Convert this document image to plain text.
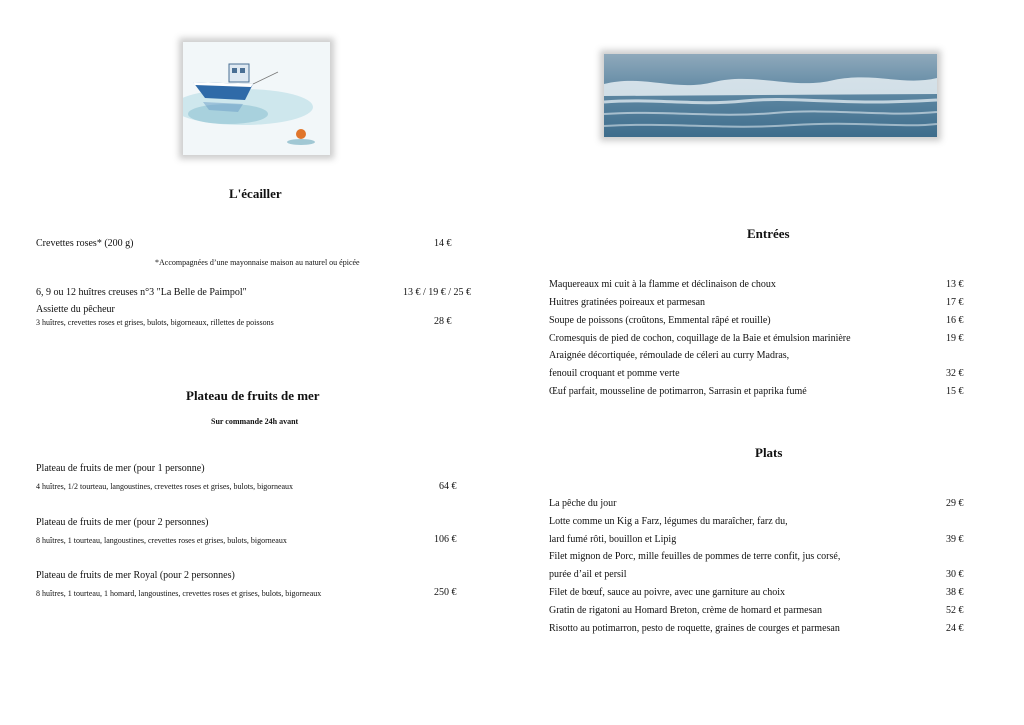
L'écailler
Crevettes roses* (200 g)	14 €
*Accompagnées d’une mayonnaise maison au naturel ou épicée
6, 9 ou 12 huîtres creuses n°3 "La Belle de Paimpol"	13 € / 19 € / 25 €
Assiette du pêcheur
3 huîtres, crevettes roses et grises, bulots, bigorneaux, rillettes de poissons	28 €
Plateau de fruits de mer
Sur commande 24h avant
Plateau de fruits de mer (pour 1 personne)
4 huîtres, 1/2 tourteau, langoustines, crevettes roses et grises, bulots, bigorneaux	64 €
Plateau de fruits de mer (pour 2 personnes)
8 huîtres, 1 tourteau, langoustines, crevettes roses et grises, bulots, bigorneaux	106 €
Plateau de fruits de mer Royal (pour 2 personnes)
8 huîtres, 1 tourteau, 1 homard, langoustines, crevettes roses et grises, bulots, bigorneaux	250 €
Entrées
Maquereaux mi cuit à la flamme et déclinaison de choux	13 €
Huitres gratinées poireaux et parmesan	17 €
Soupe de poissons (croûtons, Emmental râpé et rouille)	16 €
Cromesquis de pied de cochon, coquillage de la Baie et émulsion marinière	19 €
Araignée décortiquée, rémoulade de céleri au curry Madras,
fenouil croquant et pomme verte	32 €
Œuf parfait, mousseline de potimarron, Sarrasin et paprika fumé	15 €
Plats
La pêche du jour	29 €
Lotte comme un Kig a Farz, légumes du maraîcher, farz du,
lard fumé rôti, bouillon et Lipig	39 €
Filet mignon de Porc, mille feuilles de pommes de terre confit, jus corsé,
purée d’ail et persil	30 €
Filet de bœuf, sauce au poivre, avec une garniture au choix	38 €
Gratin de rigatoni au Homard Breton, crème de homard et parmesan	52 €
Risotto au potimarron, pesto de roquette, graines de courges et parmesan	24 €
